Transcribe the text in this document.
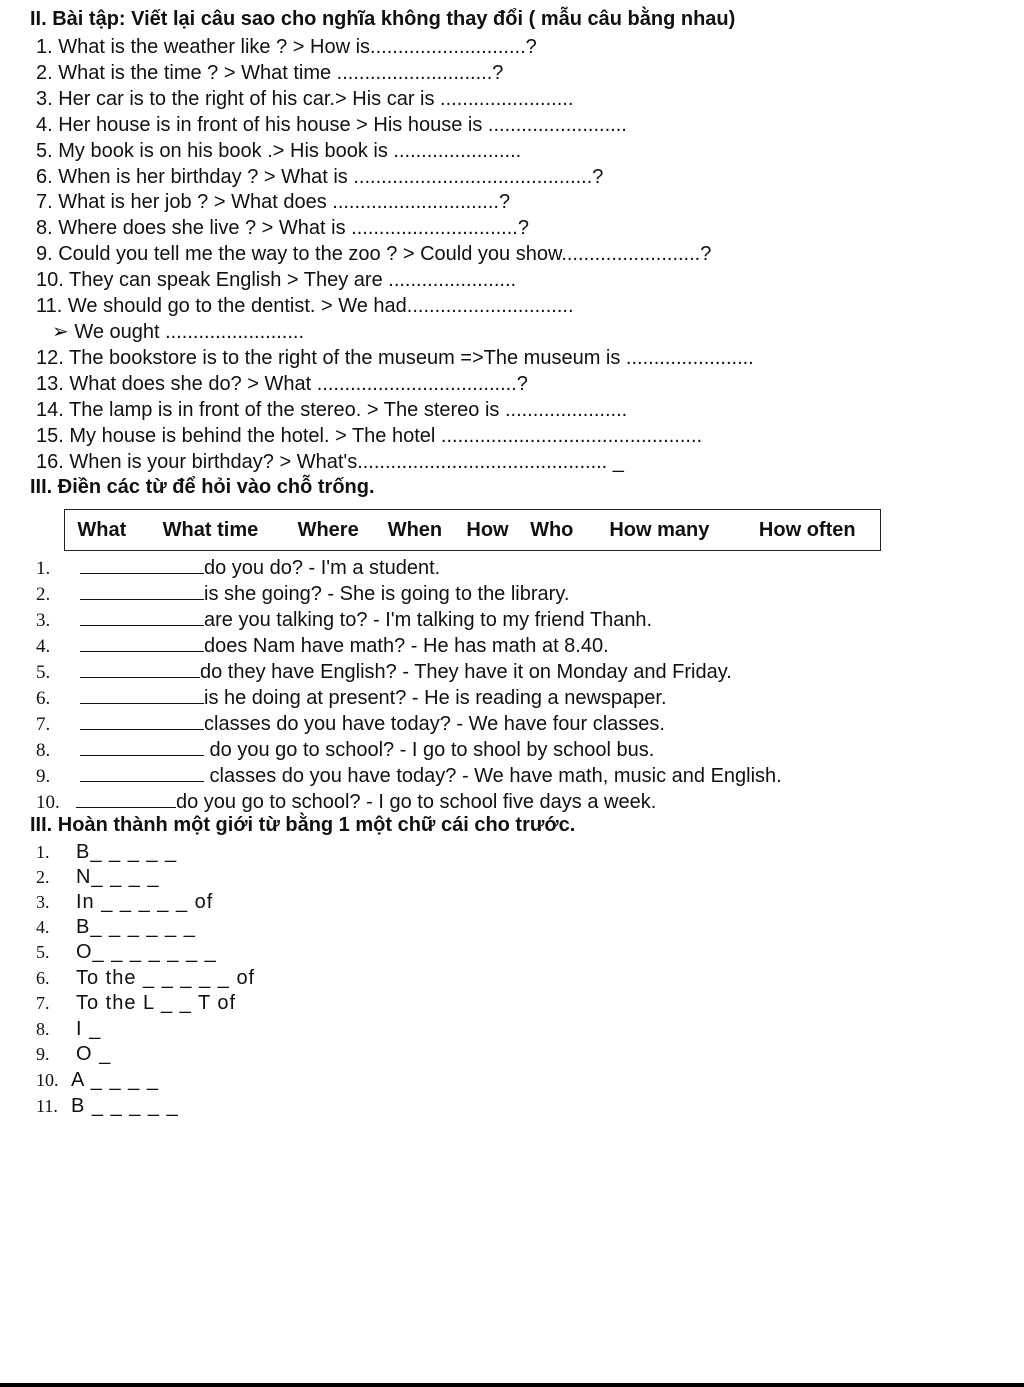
II. Bài tập: Viết lại câu sao cho nghĩa không thay đổi ( mẫu câu bằng nhau)
1. What is the weather like ? > How is............................?
2. What is the time ? > What time ............................?
3. Her car is to the right of his car.> His car is ........................
4. Her house is in front of his house > His house is .........................
5. My book is on his book .> His book is .......................
6. When is her birthday ? > What is ...........................................?
7. What is her job ? > What does ..............................?
8. Where does she live ? > What is ..............................?
9. Could you tell me the way to the zoo ? > Could you show.........................?
10. They can speak English > They are .......................
11. We should go to the dentist. > We had..............................
➢ We ought .........................
12. The bookstore is to the right of the museum =>The museum is .......................
13. What does she do? > What ....................................?
14. The lamp is in front of the stereo. > The stereo is ......................
15. My house is behind the hotel. > The hotel ...............................................
16. When is your birthday? > What's............................................. _
III. Điền các từ để hỏi vào chỗ trống.
What	What time	Where	When	How	Who	How many	How often
1.	do you do? - I'm a student.
2.	is she going? - She is going to the library.
3.	are you talking to? - I'm talking to my friend Thanh.
4.	does Nam have math? - He has math at 8.40.
5.	do they have English? - They have it on Monday and Friday.
6.	is he doing at present? - He is reading a newspaper.
7.	classes do you have today? - We have four classes.
8.	do you go to school? - I go to shool by school bus.
9.	classes do you have today? - We have math, music and English.
10.	do you go to school? - I go to school five days a week.
III. Hoàn thành một giới từ bằng 1 một chữ cái cho trước.
1. B_ _ _ _ _
2. N_ _ _ _
3. In _ _ _ _ _ of
4. B_ _ _ _ _ _
5. O_ _ _ _ _ _ _
6. To the _ _ _ _ _ of
7. To the L _ _ T of
8. I _
9. O _
10. A _ _ _ _
11. B _ _ _ _ _
